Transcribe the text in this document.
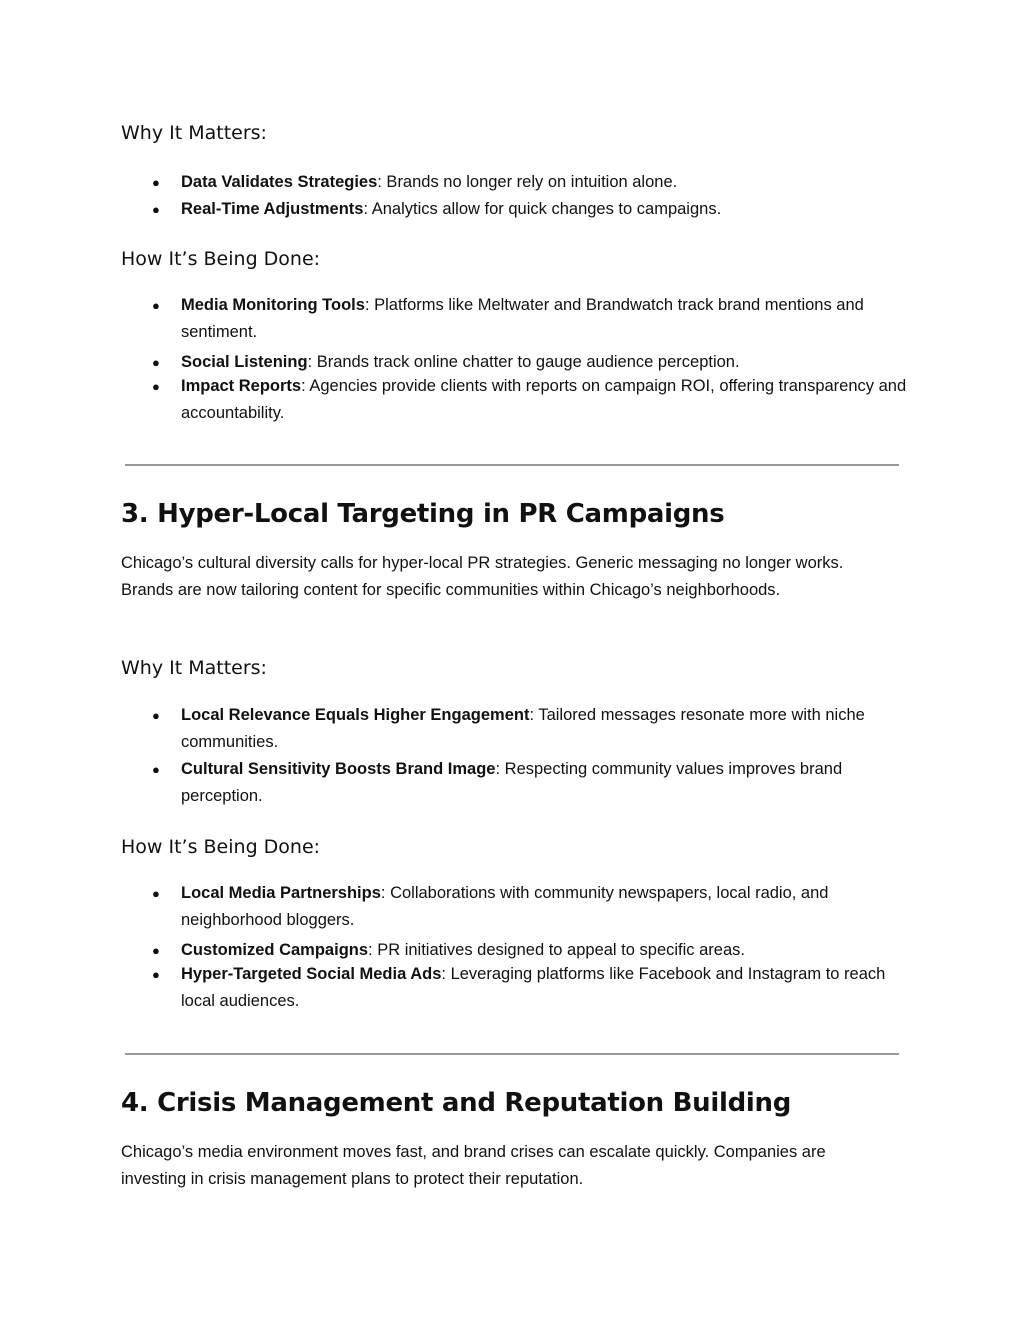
Why It Matters:

● Data Validates Strategies: Brands no longer rely on intuition alone.
● Real-Time Adjustments: Analytics allow for quick changes to campaigns.

How It’s Being Done:

● Media Monitoring Tools: Platforms like Meltwater and Brandwatch track brand mentions and sentiment.
● Social Listening: Brands track online chatter to gauge audience perception.
● Impact Reports: Agencies provide clients with reports on campaign ROI, offering transparency and accountability.
3. Hyper-Local Targeting in PR Campaigns

Chicago’s cultural diversity calls for hyper-local PR strategies. Generic messaging no longer works. Brands are now tailoring content for specific communities within Chicago’s neighborhoods.

Why It Matters:

● Local Relevance Equals Higher Engagement: Tailored messages resonate more with niche communities.
● Cultural Sensitivity Boosts Brand Image: Respecting community values improves brand perception.

How It’s Being Done:

● Local Media Partnerships: Collaborations with community newspapers, local radio, and neighborhood bloggers.
● Customized Campaigns: PR initiatives designed to appeal to specific areas.
● Hyper-Targeted Social Media Ads: Leveraging platforms like Facebook and Instagram to reach local audiences.
4. Crisis Management and Reputation Building

Chicago’s media environment moves fast, and brand crises can escalate quickly. Companies are investing in crisis management plans to protect their reputation.
